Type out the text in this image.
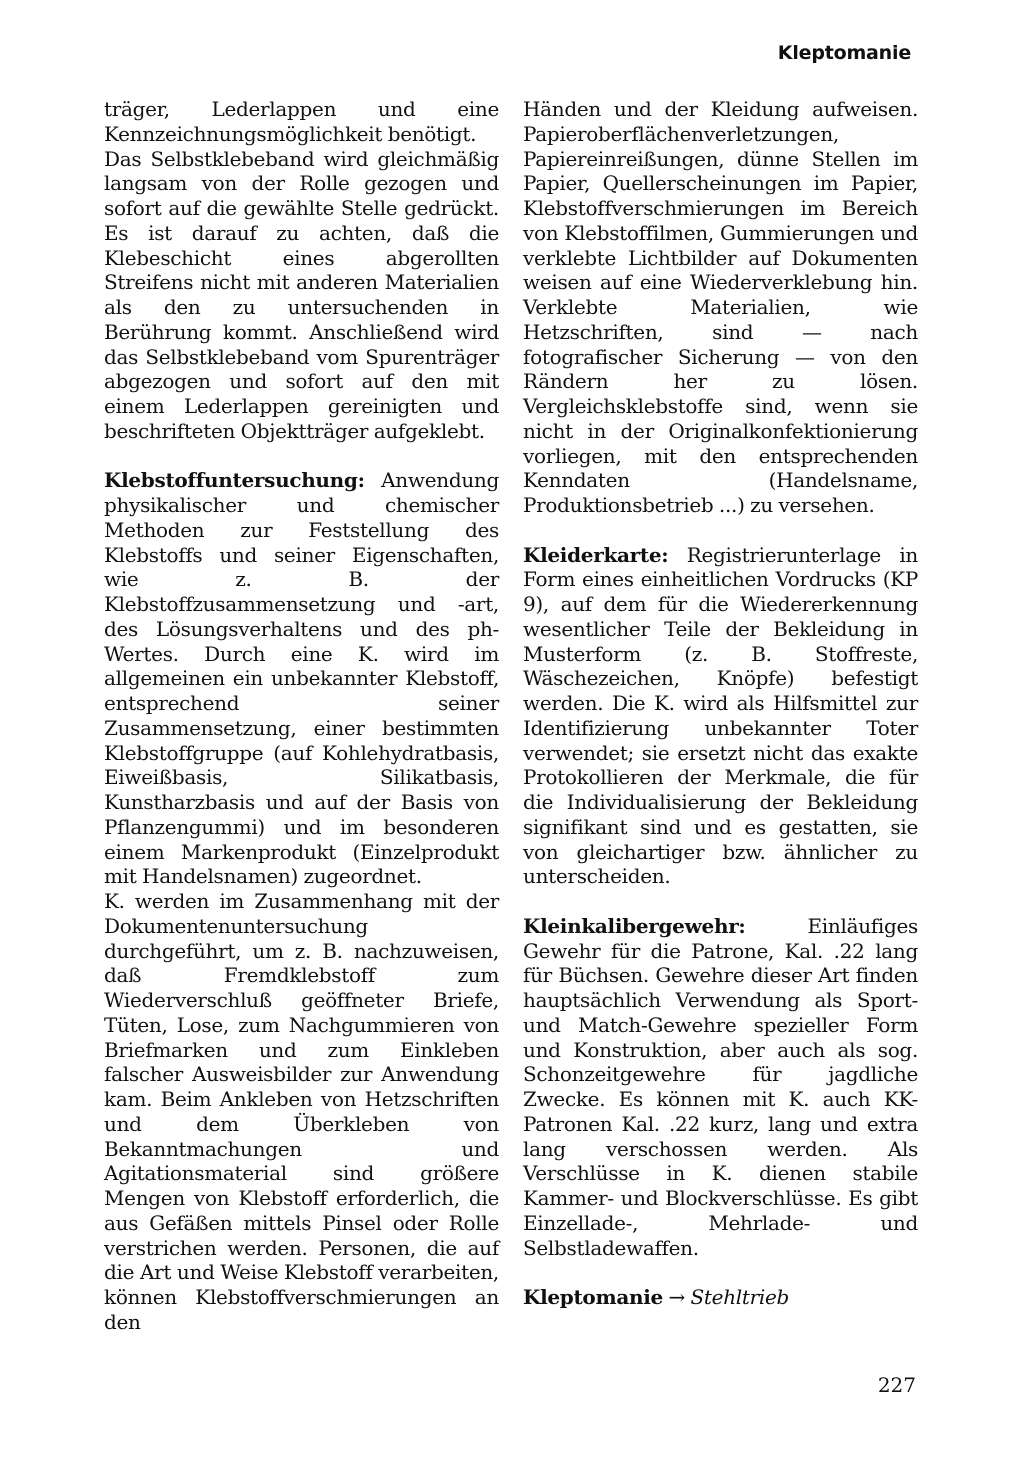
Kleptomanie

träger, Lederlappen und eine Kennzeichnungsmöglichkeit benötigt.

Das Selbstklebeband wird gleichmäßig langsam von der Rolle gezogen und sofort auf die gewählte Stelle gedrückt. Es ist darauf zu achten, daß die Klebeschicht eines abgerollten Streifens nicht mit anderen Materialien als den zu untersuchenden in Berührung kommt. Anschließend wird das Selbstklebeband vom Spurenträger abgezogen und sofort auf den mit einem Lederlappen gereinigten und beschrifteten Objektträger aufgeklebt.

Klebstoffuntersuchung: Anwendung physikalischer und chemischer Methoden zur Feststellung des Klebstoffs und seiner Eigenschaften, wie z. B. der Klebstoffzusammensetzung und -art, des Lösungsverhaltens und des ph-Wertes. Durch eine K. wird im allgemeinen ein unbekannter Klebstoff, entsprechend seiner Zusammensetzung, einer bestimmten Klebstoffgruppe (auf Kohlehydratbasis, Eiweißbasis, Silikatbasis, Kunstharzbasis und auf der Basis von Pflanzengummi) und im besonderen einem Markenprodukt (Einzelprodukt mit Handelsnamen) zugeordnet.

K. werden im Zusammenhang mit der Dokumentenuntersuchung durchgeführt, um z. B. nachzuweisen, daß Fremdklebstoff zum Wiederverschluß geöffneter Briefe, Tüten, Lose, zum Nachgummieren von Briefmarken und zum Einkleben falscher Ausweisbilder zur Anwendung kam. Beim Ankleben von Hetzschriften und dem Überkleben von Bekanntmachungen und Agitationsmaterial sind größere Mengen von Klebstoff erforderlich, die aus Gefäßen mittels Pinsel oder Rolle verstrichen werden. Personen, die auf die Art und Weise Klebstoff verarbeiten, können Klebstoffverschmierungen an den

Händen und der Kleidung aufweisen. Papieroberflächenverletzungen, Papiereinreißungen, dünne Stellen im Papier, Quellerscheinungen im Papier, Klebstoffverschmierungen im Bereich von Klebstoffilmen, Gummierungen und verklebte Lichtbilder auf Dokumenten weisen auf eine Wiederverklebung hin. Verklebte Materialien, wie Hetzschriften, sind — nach fotografischer Sicherung — von den Rändern her zu lösen. Vergleichsklebstoffe sind, wenn sie nicht in der Originalkonfektionierung vorliegen, mit den entsprechenden Kenndaten (Handelsname, Produktionsbetrieb ...) zu versehen.

Kleiderkarte: Registrierunterlage in Form eines einheitlichen Vordrucks (KP 9), auf dem für die Wiedererkennung wesentlicher Teile der Bekleidung in Musterform (z. B. Stoffreste, Wäschezeichen, Knöpfe) befestigt werden. Die K. wird als Hilfsmittel zur Identifizierung unbekannter Toter verwendet; sie ersetzt nicht das exakte Protokollieren der Merkmale, die für die Individualisierung der Bekleidung signifikant sind und es gestatten, sie von gleichartiger bzw. ähnlicher zu unterscheiden.

Kleinkalibergewehr: Einläufiges Gewehr für die Patrone, Kal. .22 lang für Büchsen. Gewehre dieser Art finden hauptsächlich Verwendung als Sport- und Match-Gewehre spezieller Form und Konstruktion, aber auch als sog. Schonzeitgewehre für jagdliche Zwecke. Es können mit K. auch KK-Patronen Kal. .22 kurz, lang und extra lang verschossen werden. Als Verschlüsse in K. dienen stabile Kammer- und Blockverschlüsse. Es gibt Einzellade-, Mehrlade- und Selbstladewaffen.

Kleptomanie → Stehltrieb

227
